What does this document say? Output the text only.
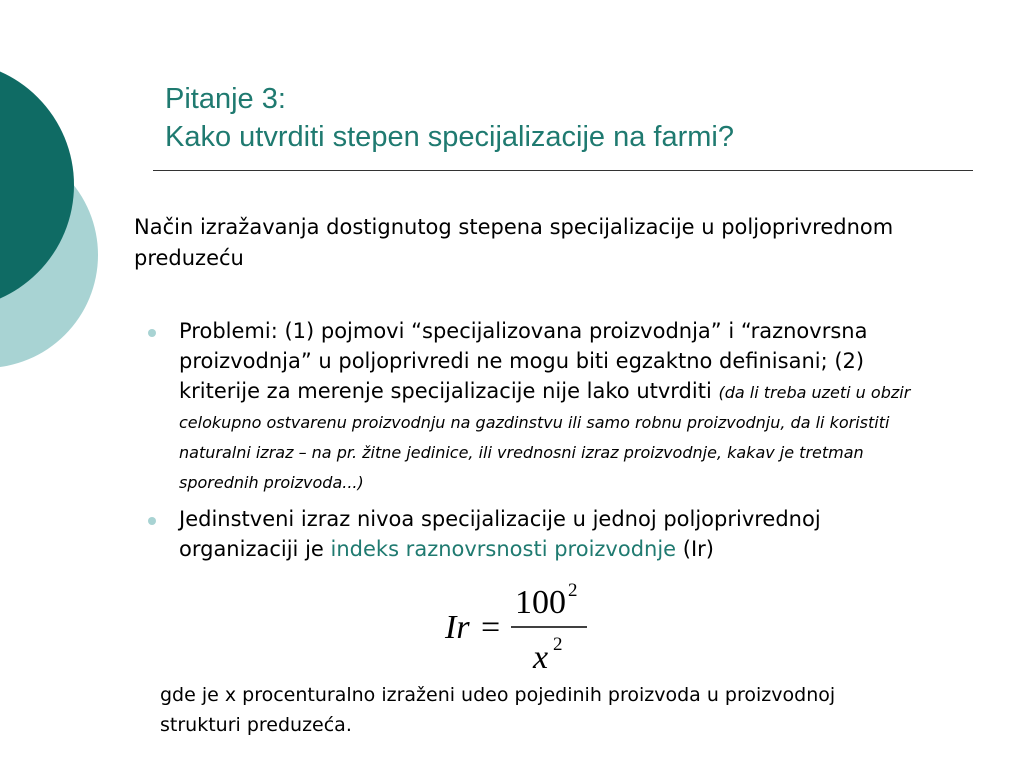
Pitanje 3:
Kako utvrditi stepen specijalizacije na farmi?
Način izražavanja dostignutog stepena specijalizacije u poljoprivrednom preduzeću
Problemi: (1) pojmovi “specijalizovana proizvodnja” i “raznovrsna proizvodnja” u poljoprivredi ne mogu biti egzaktno definisani; (2) kriterije za merenje specijalizacije nije lako utvrditi (da li treba uzeti u obzir celokupno ostvarenu proizvodnju na gazdinstvu ili samo robnu proizvodnju, da li koristiti naturalni izraz – na pr. žitne jedinice, ili vrednosni izraz proizvodnje, kakav je tretman sporednih proizvoda...)
Jedinstveni izraz nivoa specijalizacije u jednoj poljoprivrednoj organizaciji je indeks raznovrsnosti proizvodnje (Ir)
Ir =
100 2
x 2
gde je x procenturalno izraženi udeo pojedinih proizvoda u proizvodnoj strukturi preduzeća.
